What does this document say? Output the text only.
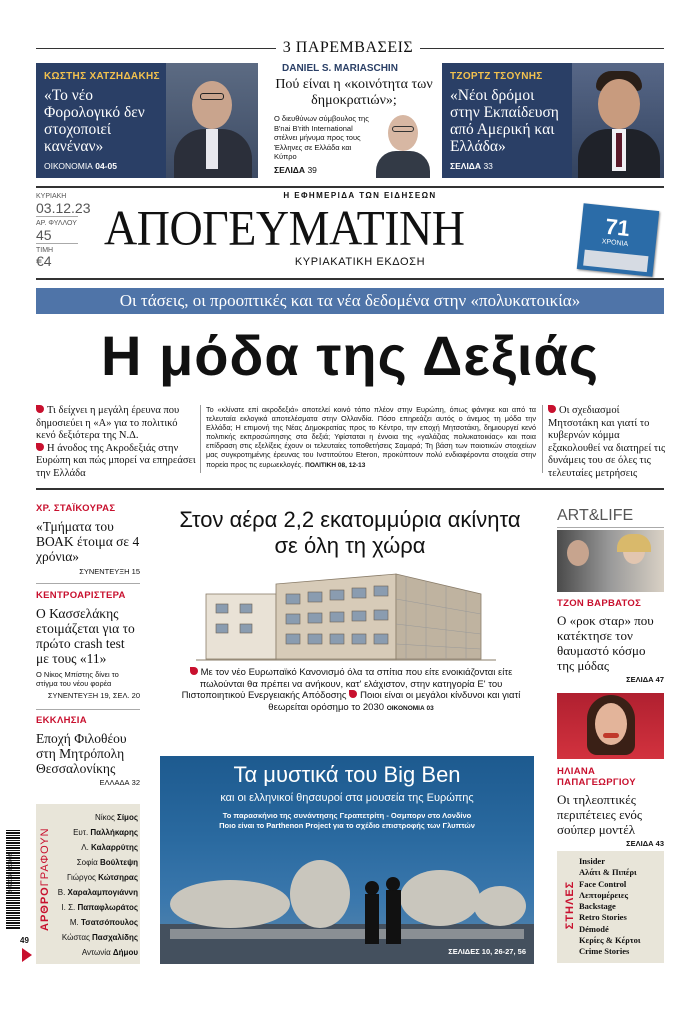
3 ΠΑΡΕΜΒΑΣΕΙΣ
ΚΩΣΤΗΣ ΧΑΤΖΗΔΑΚΗΣ
«Το νέο Φορολογικό δεν στοχοποιεί κανέναν»
ΟΙΚΟΝΟΜΙΑ 04-05
DANIEL S. MARIASCHIN
Πού είναι η «κοινότητα των δημοκρατιών»;
Ο διευθύνων σύμβουλος της B'nai B'rith International στέλνει μήνυμα προς τους Έλληνες σε Ελλάδα και Κύπρο
ΣΕΛΙΔΑ 39
ΤΖΟΡΤΖ ΤΣΟΥΝΗΣ
«Νέοι δρόμοι στην Εκπαίδευση από Αμερική και Ελλάδα»
ΣΕΛΙΔΑ 33
ΚΥΡΙΑΚΗ
03.12.23
ΑΡ. ΦΥΛΛΟΥ
45
ΤΙΜΗ
€4
Η ΕΦΗΜΕΡΙΔΑ ΤΩΝ ΕΙΔΗΣΕΩΝ
ΑΠΟΓΕΥΜΑΤΙΝΗ
ΚΥΡΙΑΚΑΤΙΚΗ ΕΚΔΟΣΗ
71
ΧΡΟΝΙΑ
Οι τάσεις, οι προοπτικές και τα νέα δεδομένα στην «πολυκατοικία»
Η μόδα της Δεξιάς
Τι δείχνει η μεγάλη έρευνα που δημοσιεύει η «Α» για το πολιτικό κενό δεξιότερα της Ν.Δ.
Η άνοδος της Ακροδεξιάς στην Ευρώπη και πώς μπορεί να επηρεάσει την Ελλάδα
Το «κλίνατε επί ακροδεξιά» αποτελεί κοινό τόπο πλέον στην Ευρώπη, όπως φάνηκε και από τα τελευταία εκλογικά αποτελέσματα στην Ολλανδία. Πόσο επηρεάζει αυτός ο άνεμος τη μόδα την Ελλάδα; Η επιμονή της Νέας Δημοκρατίας προς το Κέντρο, την εποχή Μητσοτάκη, δημιουργεί κενό πολιτικής εκπροσώπησης στα δεξιά; Υφίσταται η έννοια της «γαλάζιας πολυκατοικίας» και ποια επίδραση στις εξελίξεις έχουν οι τελευταίες τοποθετήσεις Σαμαρά; Τη βάση των ποιοτικών στοιχείων μας συγκροτημένης έρευνας του Ινστιτούτου Eteron, προκύπτουν πολύ ενδιαφέροντα στοιχεία στην πορεία προς τις ευρωεκλογές. ΠΟΛΙΤΙΚΗ 08, 12-13
Οι σχεδιασμοί Μητσοτάκη και γιατί το κυβερνών κόμμα εξακολουθεί να διατηρεί τις δυνάμεις του σε όλες τις τελευταίες μετρήσεις
ΧΡ. ΣΤΑΪΚΟΥΡΑΣ
«Τμήματα του ΒΟΑΚ έτοιμα σε 4 χρόνια»
ΣΥΝΕΝΤΕΥΞΗ 15
ΚΕΝΤΡΟΑΡΙΣΤΕΡΑ
Ο Κασσελάκης ετοιμάζεται για το πρώτο crash test με τους «11»
Ο Νίκος Μπίστης δίνει το στίγμα του νέου φορέα
ΣΥΝΕΝΤΕΥΞΗ 19, ΣΕΛ. 20
ΕΚΚΛΗΣΙΑ
Εποχή Φιλοθέου στη Μητρόπολη Θεσσαλονίκης
ΕΛΛΑΔΑ 32
ΑΡΘΡΟΓΡΑΦΟΥΝ
Νίκος Σίμος
Ευτ. Παλλήκαρης
Λ. Καλαρρύτης
Σοφία Βούλτεψη
Γιώργος Κώτσηρας
Β. Χαραλαμπογιάννη
Ι. Σ. Παπαφλωράτος
Μ. Τσατσόπουλος
Κώστας Πασχαλίδης
Αντωνία Δήμου
49
Στον αέρα 2,2 εκατομμύρια ακίνητα σε όλη τη χώρα
Με τον νέο Ευρωπαϊκό Κανονισμό όλα τα σπίτια που είτε ενοικιάζονται είτε πωλούνται θα πρέπει να ανήκουν, κατ' ελάχιστον, στην κατηγορία Ε' του Πιστοποιητικού Ενεργειακής Απόδοσης Ποιοι είναι οι μεγάλοι κίνδυνοι και γιατί θεωρείται ορόσημο το 2030 ΟΙΚΟΝΟΜΙΑ 03
Τα μυστικά του Big Ben
και οι ελληνικοί θησαυροί στα μουσεία της Ευρώπης
Το παρασκήνιο της συνάντησης Γεραπετρίτη - Οσμπορν στο Λονδίνο
Ποιο είναι το Parthenon Project για το σχέδιο επιστροφής των Γλυπτών
ΣΕΛΙΔΕΣ 10, 26-27, 56
ART&LIFE
ΤΖΟΝ ΒΑΡΒΑΤΟΣ
Ο «ροκ σταρ» που κατέκτησε τον θαυμαστό κόσμο της μόδας
ΣΕΛΙΔΑ 47
ΗΛΙΑΝΑ ΠΑΠΑΓΕΩΡΓΙΟΥ
Οι τηλεοπτικές περιπέτειες ενός σούπερ μοντέλ
ΣΕΛΙΔΑ 43
ΣΤΗΛΕΣ
Insider
Αλάτι & Πιπέρι
Face Control
Λεπτομέρειες
Backstage
Retro Stories
Démodé
Κερίες & Κέρτοι
Crime Stories
9 771108 653002
